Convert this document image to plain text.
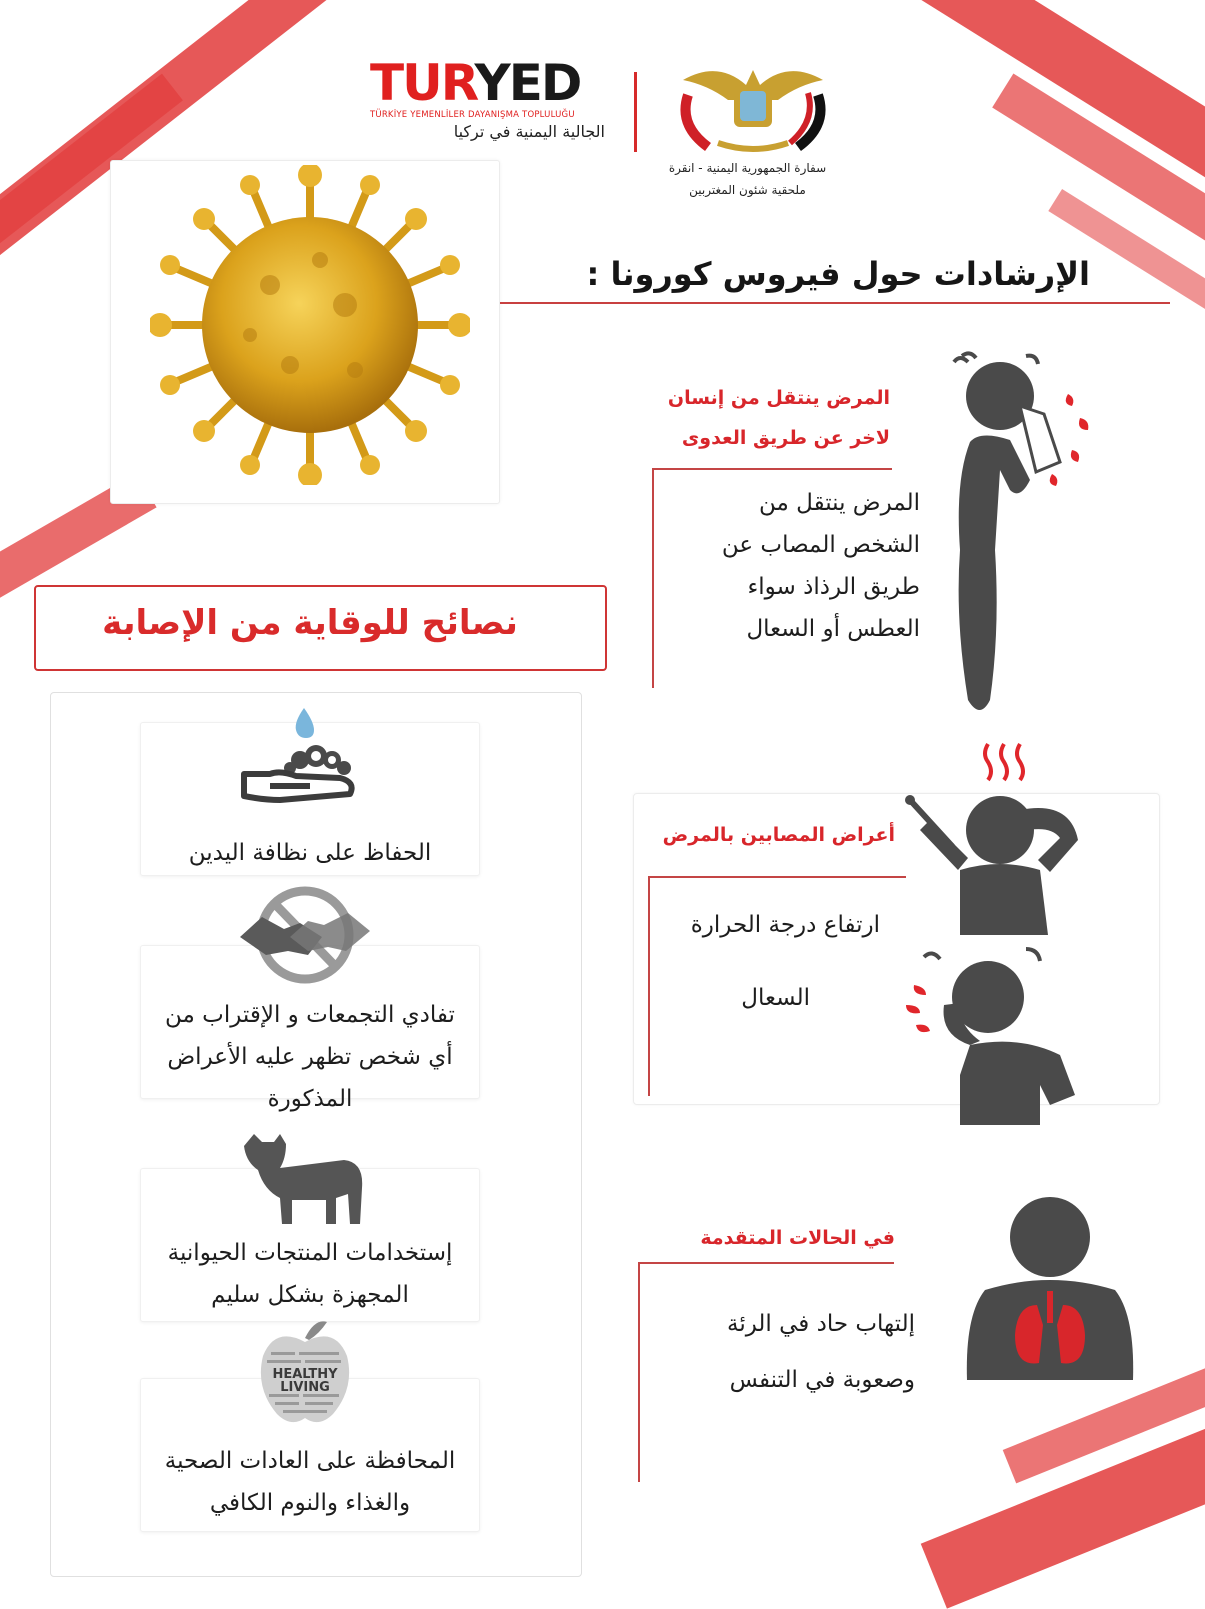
TURYED
TÜRKİYE YEMENLİLER DAYANIŞMA TOPLULUĞU
الجالية اليمنية في تركيا
سفارة الجمهورية اليمنية - انقرة
ملحقية شئون المغتربين
الإرشادات حول فيروس كورونا :
المرض ينتقل من إنسان
لاخر عن طريق العدوى
المرض ينتقل من
الشخص المصاب عن
طريق الرذاذ سواء
العطس أو السعال
أعراض المصابين بالمرض
ارتفاع درجة الحرارة
السعال
في الحالات المتقدمة
إلتهاب حاد في الرئة
وصعوبة في التنفس
نصائح للوقاية من الإصابة
الحفاظ على نظافة اليدين
تفادي التجمعات و الإقتراب من
أي شخص تظهر عليه الأعراض
المذكورة
إستخدامات المنتجات الحيوانية
المجهزة بشكل سليم
HEALTHY
LIVING
المحافظة على العادات الصحية
والغذاء والنوم الكافي
